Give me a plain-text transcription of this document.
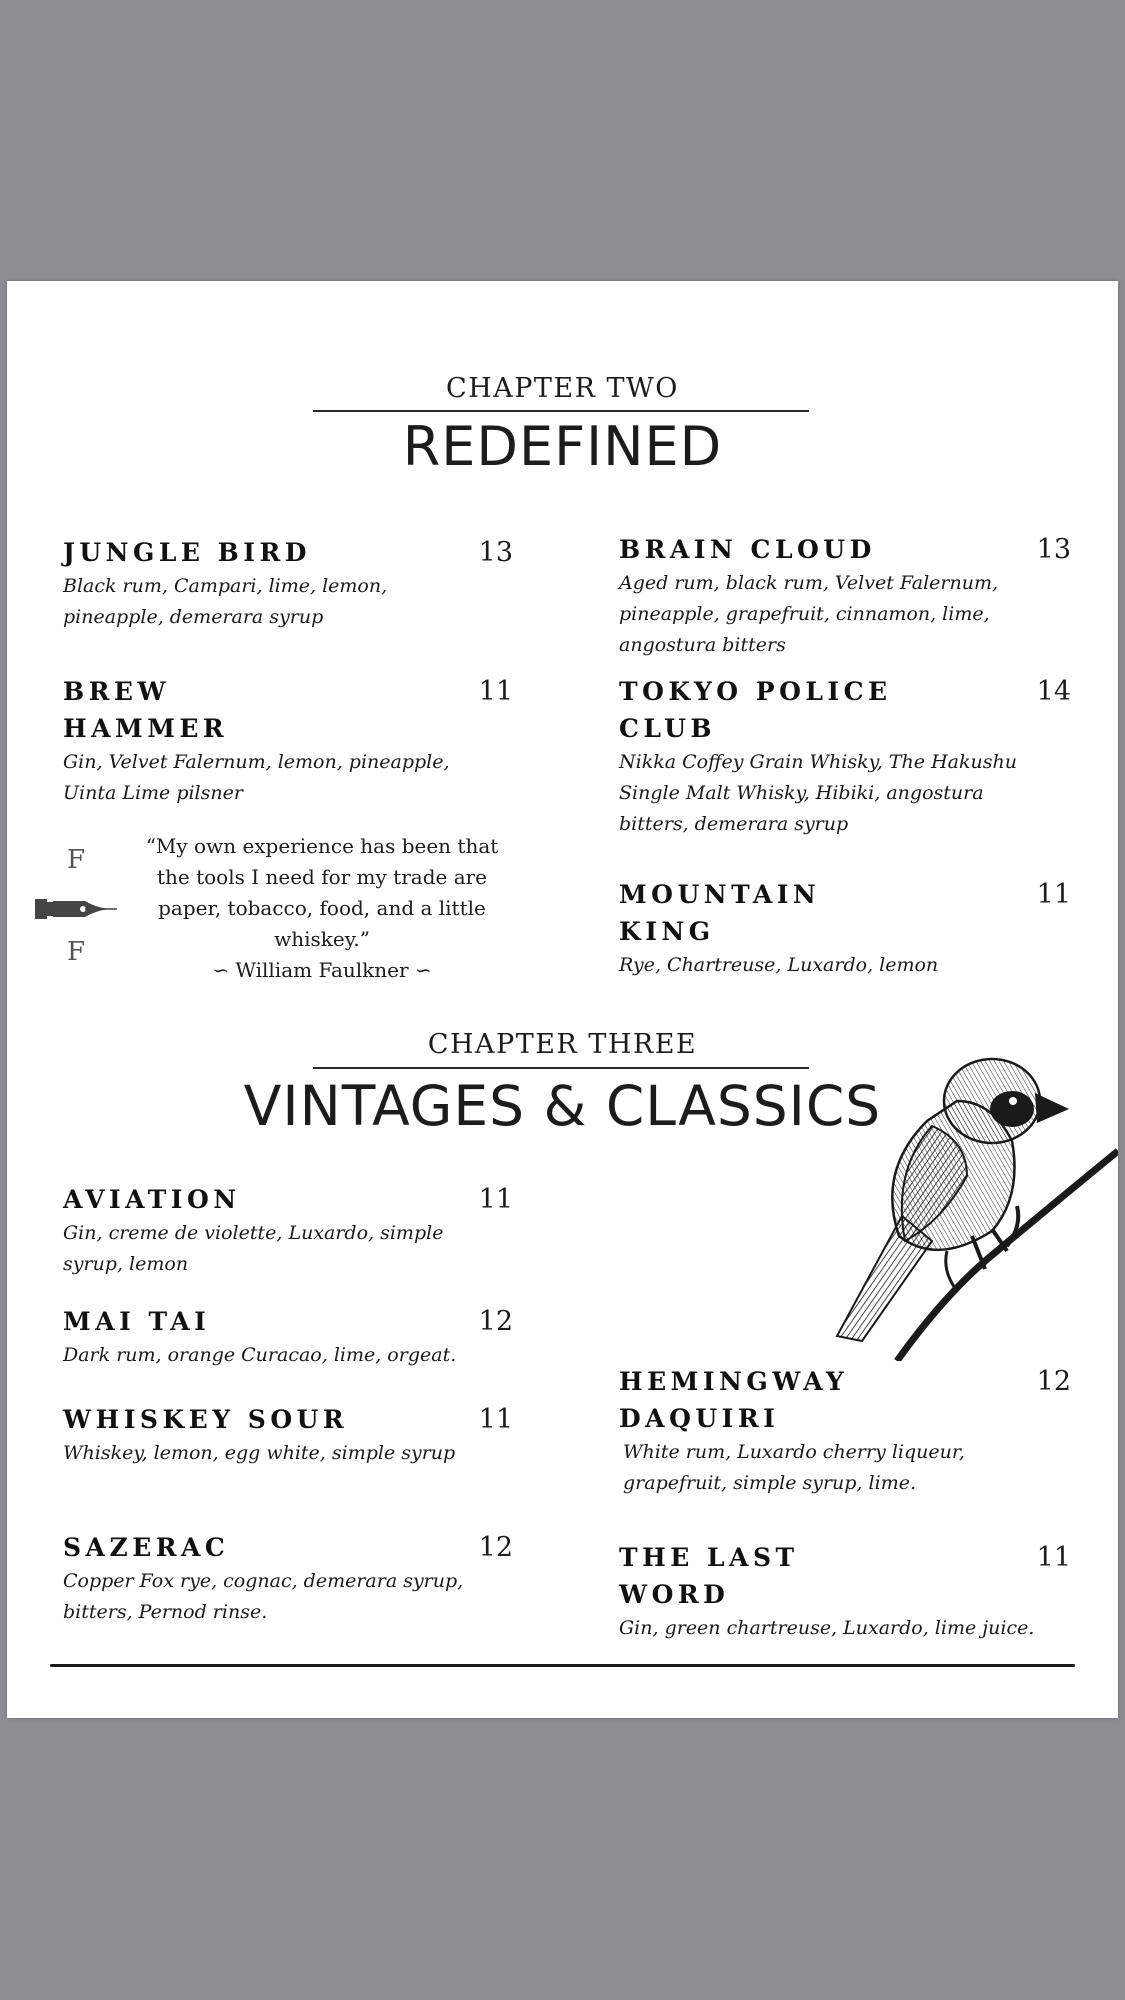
CHAPTER TWO
REDEFINED
JUNGLE BIRD	13
Black rum, Campari, lime, lemon, pineapple, demerara syrup
BRAIN CLOUD	13
Aged rum, black rum, Velvet Falernum, pineapple, grapefruit, cinnamon, lime, angostura bitters
BREW HAMMER
11
Gin, Velvet Falernum, lemon, pineapple, Uinta Lime pilsner
TOKYO POLICE CLUB
14
Nikka Coffey Grain Whisky, The Hakushu Single Malt Whisky, Hibiki, angostura bitters, demerara syrup
MOUNTAIN KING
11
Rye, Chartreuse, Luxardo, lemon
F
F
“My own experience has been that the tools I need for my trade are paper, tobacco, food, and a little whiskey.”
∽ William Faulkner ∽
CHAPTER THREE
VINTAGES & CLASSICS
AVIATION	11
Gin, creme de violette, Luxardo, simple syrup, lemon
MAI TAI	12
Dark rum, orange Curacao, lime, orgeat.
WHISKEY SOUR	11
Whiskey, lemon, egg white, simple syrup
SAZERAC	12
Copper Fox rye, cognac, demerara syrup, bitters, Pernod rinse.
HEMINGWAY DAQUIRI
12
White rum, Luxardo cherry liqueur, grapefruit, simple syrup, lime.
THE LAST WORD
11
Gin, green chartreuse, Luxardo, lime juice.
